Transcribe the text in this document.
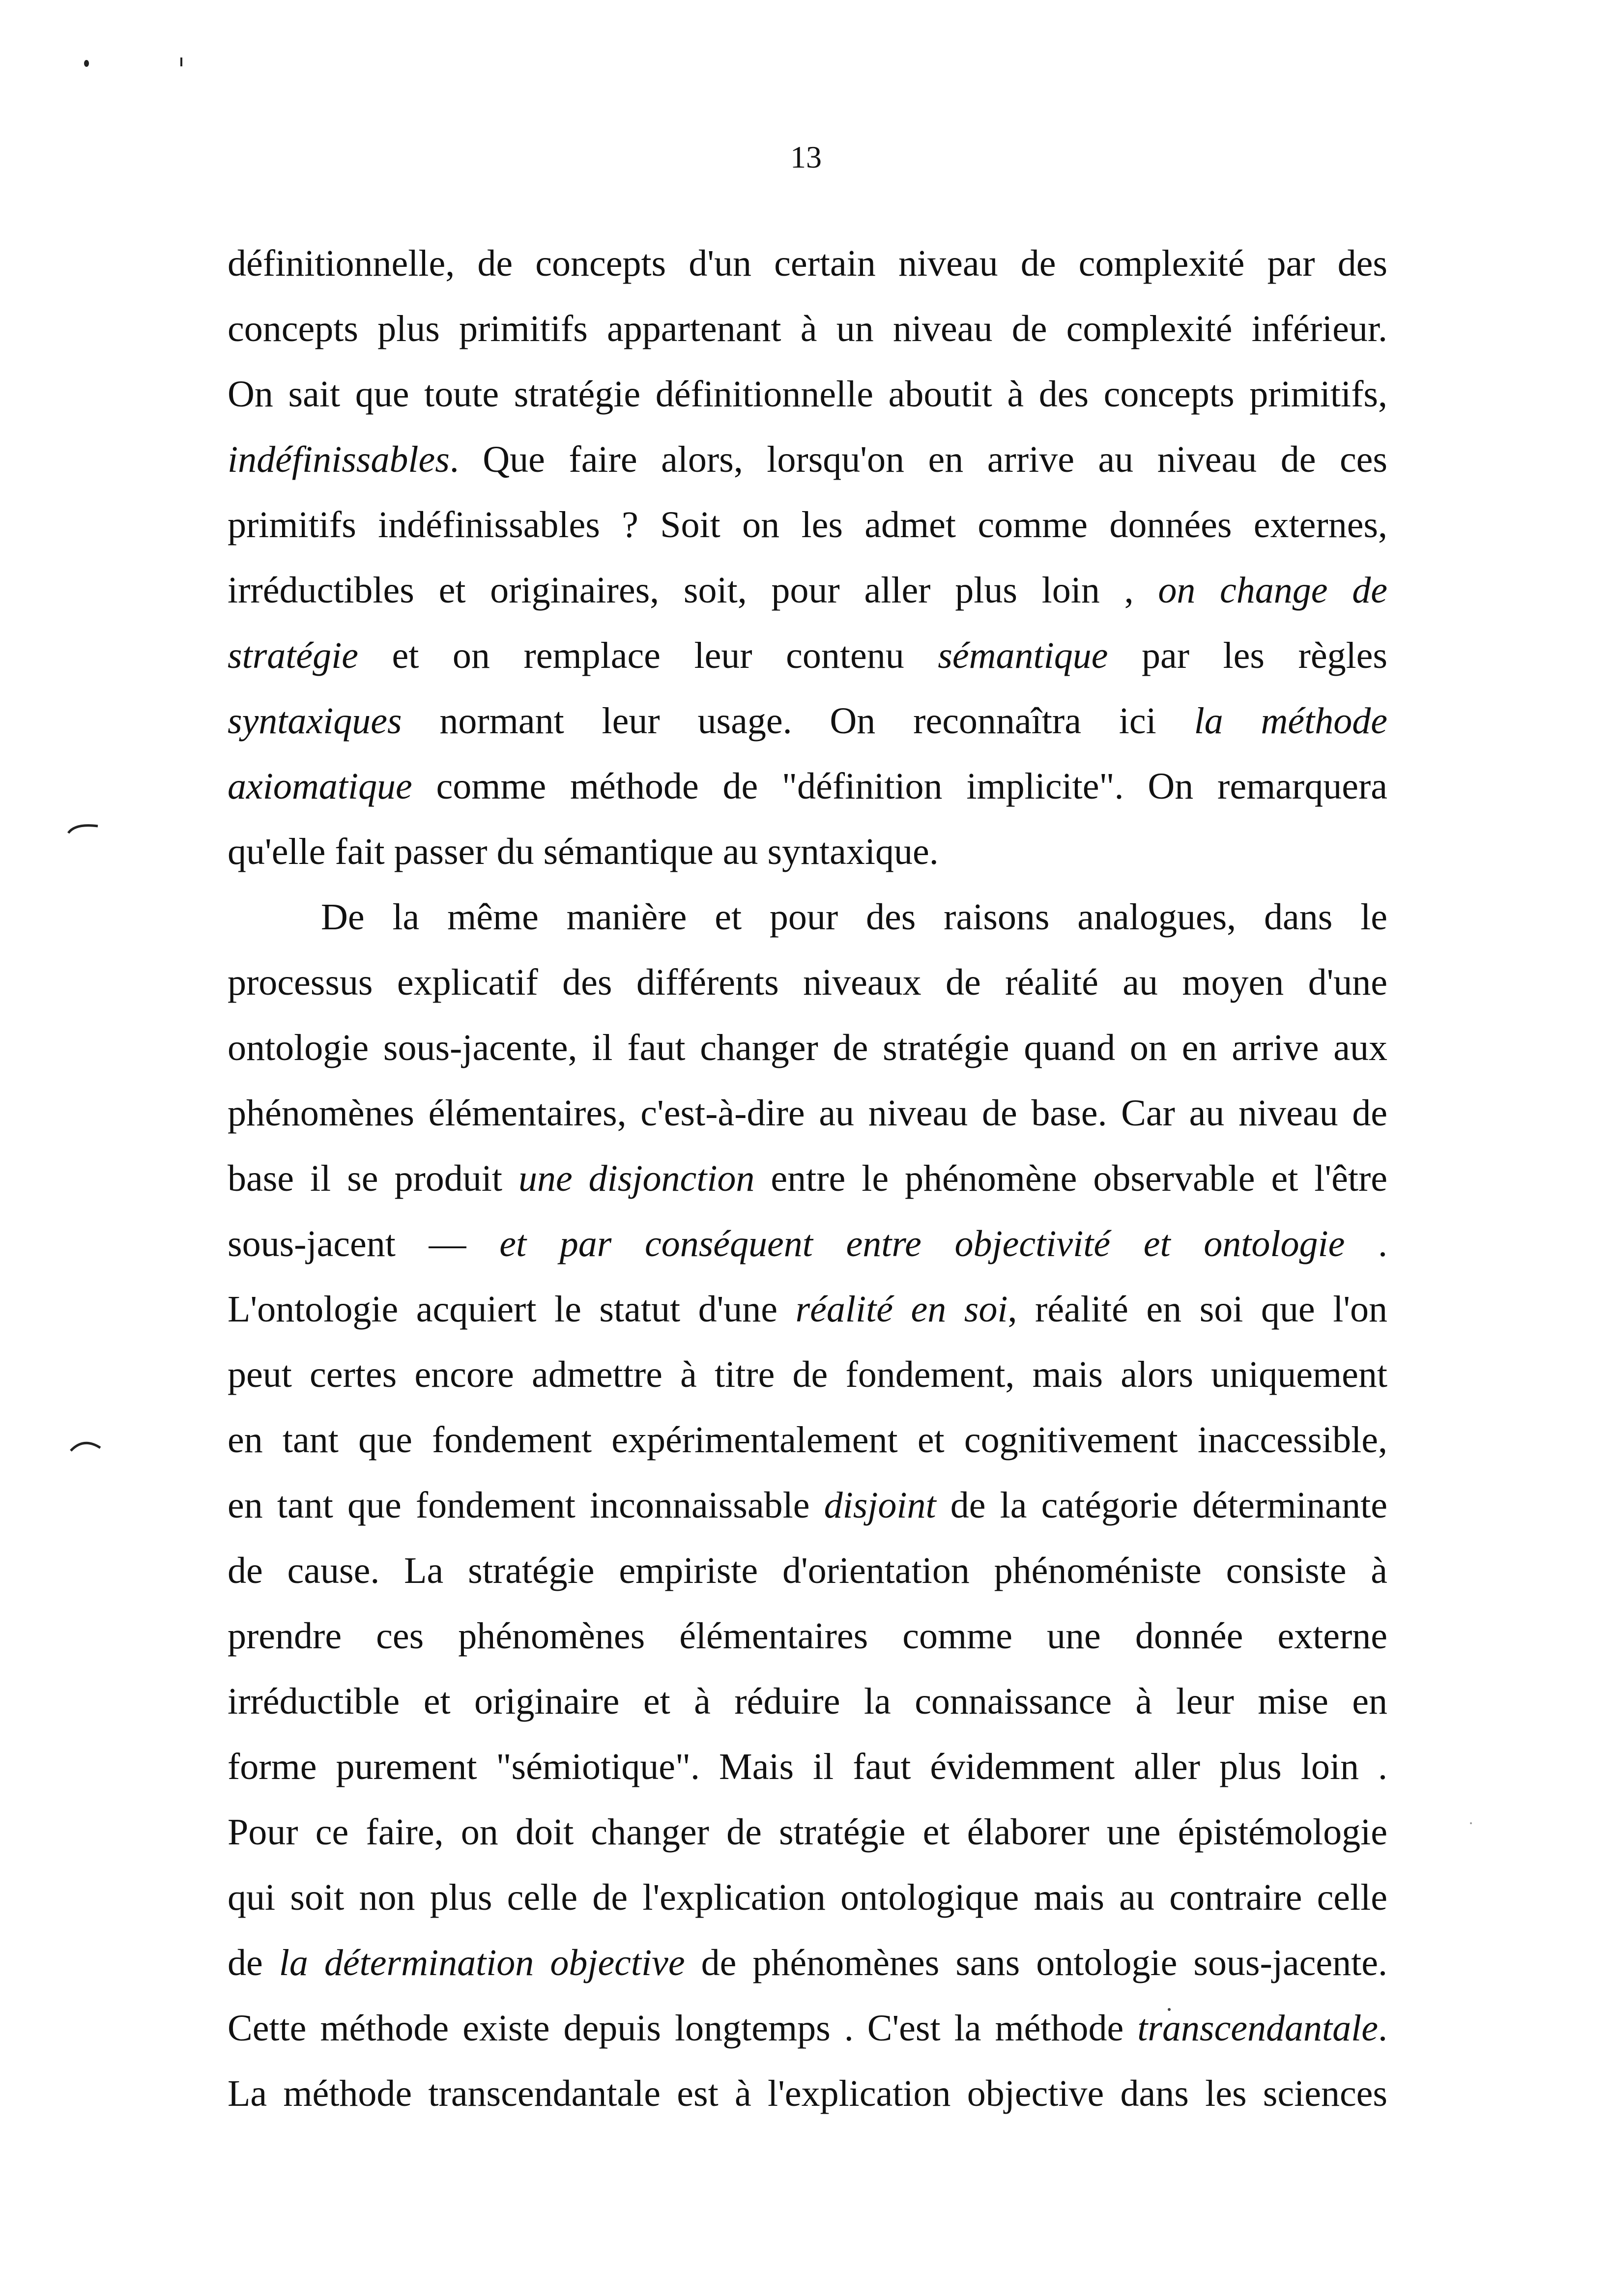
13
définitionnelle, de concepts d'un certain niveau de complexité par des
concepts plus primitifs appartenant à un niveau de complexité inférieur.
On sait que toute stratégie définitionnelle aboutit à des concepts primitifs,
indéfinissables. Que faire alors, lorsqu'on en arrive au niveau de ces
primitifs indéfinissables ? Soit on les admet comme données externes,
irréductibles et originaires, soit, pour aller plus loin , on change de
stratégie et on remplace leur contenu sémantique par les règles
syntaxiques normant leur usage. On reconnaîtra ici la méthode
axiomatique comme méthode de "définition implicite". On remarquera
qu'elle fait passer du sémantique au syntaxique.
De la même manière et pour des raisons analogues, dans le
processus explicatif des différents niveaux de réalité au moyen d'une
ontologie sous-jacente, il faut changer de stratégie quand on en arrive aux
phénomènes élémentaires, c'est-à-dire au niveau de base. Car au niveau de
base il se produit une disjonction entre le phénomène observable et l'être
sous-jacent — et par conséquent entre objectivité et ontologie .
L'ontologie acquiert le statut d'une réalité en soi, réalité en soi que l'on
peut certes encore admettre à titre de fondement, mais alors uniquement
en tant que fondement expérimentalement et cognitivement inaccessible,
en tant que fondement inconnaissable disjoint de la catégorie déterminante
de cause. La stratégie empiriste d'orientation phénoméniste consiste à
prendre ces phénomènes élémentaires comme une donnée externe
irréductible et originaire et à réduire la connaissance à leur mise en
forme purement "sémiotique". Mais il faut évidemment aller plus loin .
Pour ce faire, on doit changer de stratégie et élaborer une épistémologie
qui soit non plus celle de l'explication ontologique mais au contraire celle
de la détermination objective de phénomènes sans ontologie sous-jacente.
Cette méthode existe depuis longtemps . C'est la méthode transcendantale.
La méthode transcendantale est à l'explication objective dans les sciences
